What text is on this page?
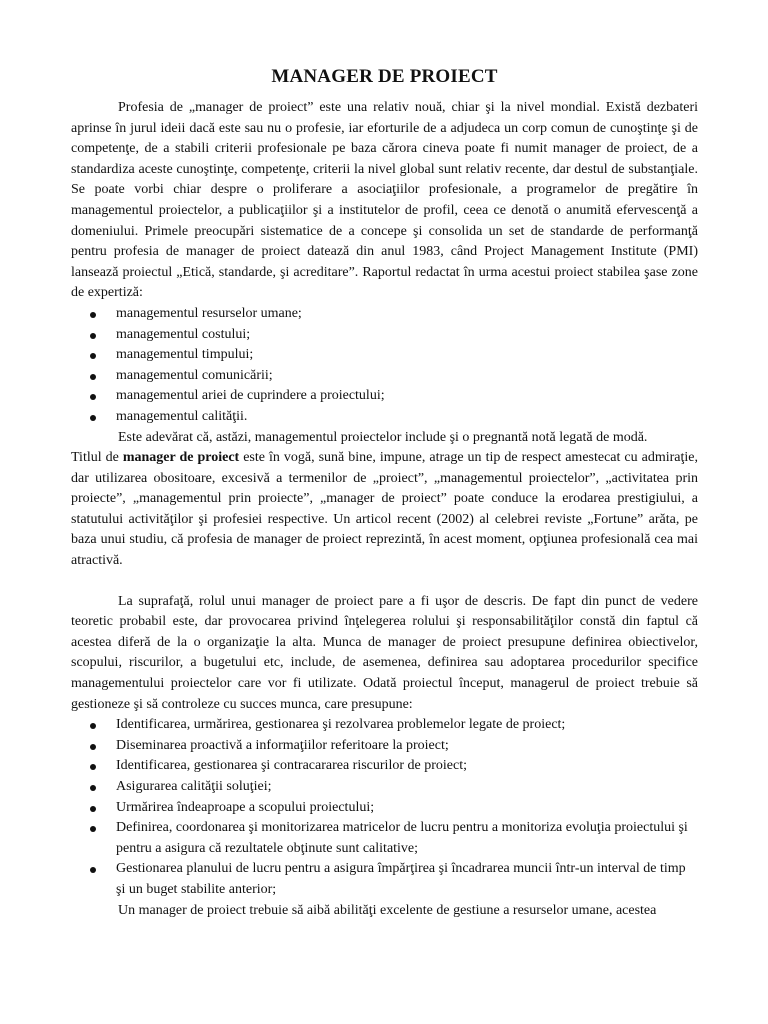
MANAGER DE PROIECT

Profesia de „manager de proiect” este una relativ nouă, chiar şi la nivel mondial. Există dezbateri aprinse în jurul ideii dacă este sau nu o profesie, iar eforturile de a adjudeca un corp comun de cunoştinţe şi de competenţe, de a stabili criterii profesionale pe baza cărora cineva poate fi numit manager de proiect, de a standardiza aceste cunoştinţe, competenţe, criterii la nivel global sunt relativ recente, dar destul de substanţiale. Se poate vorbi chiar despre o proliferare a asociaţiilor profesionale, a programelor de pregătire în managementul proiectelor, a publicaţiilor şi a institutelor de profil, ceea ce denotă o anumită efervescenţă a domeniului. Primele preocupări sistematice de a concepe şi consolida un set de standarde de performanţă pentru profesia de manager de proiect datează din anul 1983, când Project Management Institute (PMI) lansează proiectul „Etică, standarde, şi acreditare”. Raportul redactat în urma acestui proiect stabilea şase zone de expertiză:

managementul resurselor umane;
managementul costului;
managementul timpului;
managementul comunicării;
managementul ariei de cuprindere a proiectului;
managementul calităţii.

Este adevărat că, astăzi, managementul proiectelor include şi o pregnantă notă legată de modă.

Titlul de manager de proiect este în vogă, sună bine, impune, atrage un tip de respect amestecat cu admiraţie, dar utilizarea obositoare, excesivă a termenilor de „proiect”, „managementul proiectelor”, „activitatea prin proiecte”, „managementul prin proiecte”, „manager de proiect” poate conduce la erodarea prestigiului, a statutului activităţilor şi profesiei respective. Un articol recent (2002) al celebrei reviste „Fortune” arăta, pe baza unui studiu, că profesia de manager de proiect reprezintă, în acest moment, opţiunea profesională cea mai atractivă.

La suprafaţă, rolul unui manager de proiect pare a fi uşor de descris. De fapt din punct de vedere teoretic probabil este, dar provocarea privind înţelegerea rolului şi responsabilităţilor constă din faptul că acestea diferă de la o organizaţie la alta. Munca de manager de proiect presupune definirea obiectivelor, scopului, riscurilor, a bugetului etc, include, de asemenea, definirea sau adoptarea procedurilor specifice managementului proiectelor care vor fi utilizate. Odată proiectul început, managerul de proiect trebuie să gestioneze şi să controleze cu succes munca, care presupune:

Identificarea, urmărirea, gestionarea şi rezolvarea problemelor legate de proiect;
Diseminarea proactivă a informaţiilor referitoare la proiect;
Identificarea, gestionarea şi contracararea riscurilor de proiect;
Asigurarea calităţii soluţiei;
Urmărirea îndeaproape a scopului proiectului;
Definirea, coordonarea şi monitorizarea matricelor de lucru pentru a monitoriza evoluţia proiectului şi pentru a asigura că rezultatele obţinute sunt calitative;
Gestionarea planului de lucru pentru a asigura împărţirea şi încadrarea muncii într-un interval de timp şi un buget stabilite anterior;

Un manager de proiect trebuie să aibă abilităţi excelente de gestiune a resurselor umane, acestea
